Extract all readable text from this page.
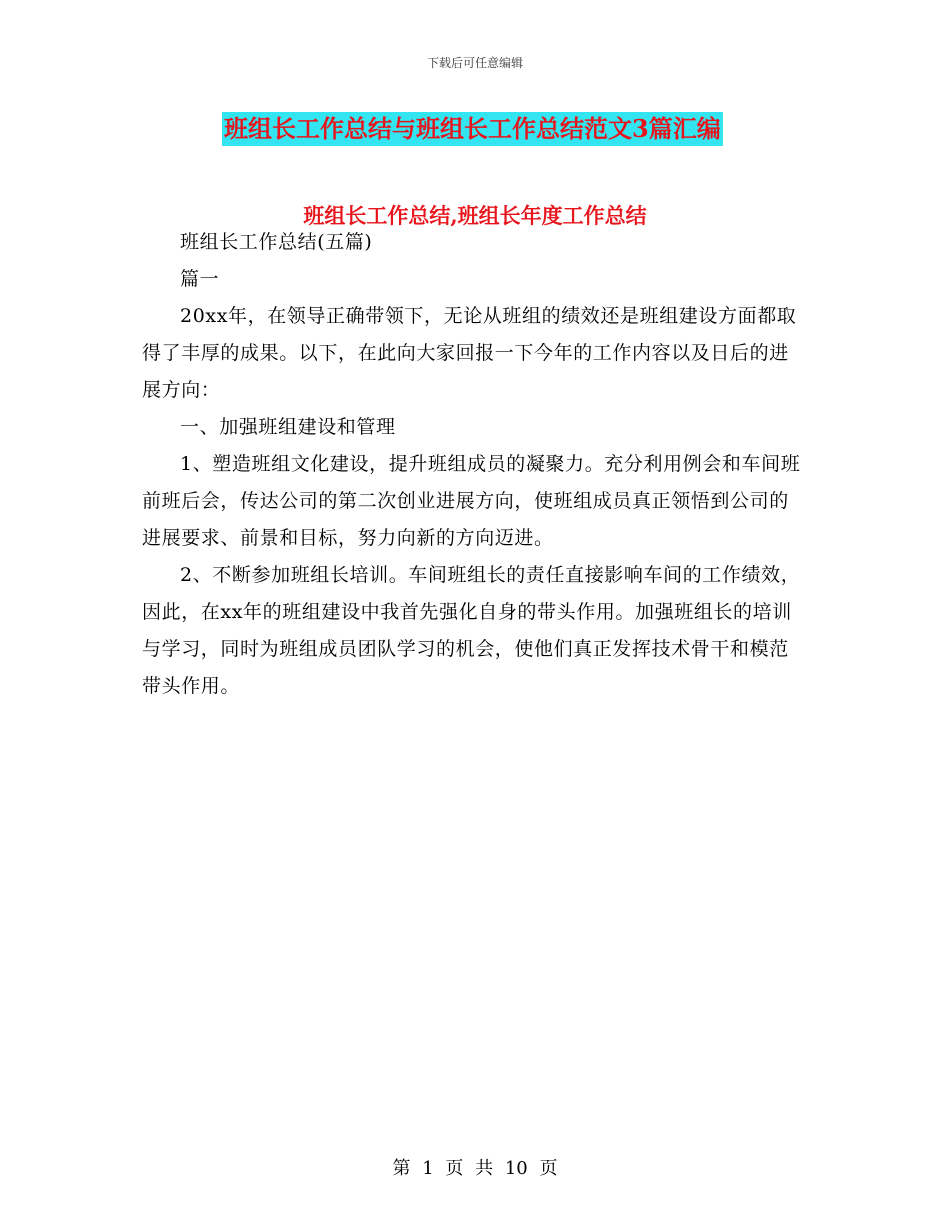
下载后可任意编辑
班组长工作总结与班组长工作总结范文3篇汇编
班组长工作总结,班组长年度工作总结

班组长工作总结(五篇)

篇一

20xx年，在领导正确带领下，无论从班组的绩效还是班组建设方面都取得了丰厚的成果。以下，在此向大家回报一下今年的工作内容以及日后的进展方向：

一、加强班组建设和管理

1、塑造班组文化建设，提升班组成员的凝聚力。充分利用例会和车间班前班后会，传达公司的第二次创业进展方向，使班组成员真正领悟到公司的进展要求、前景和目标，努力向新的方向迈进。

2、不断参加班组长培训。车间班组长的责任直接影响车间的工作绩效，因此，在xx年的班组建设中我首先强化自身的带头作用。加强班组长的培训与学习，同时为班组成员团队学习的机会，使他们真正发挥技术骨干和模范带头作用。

第 1 页 共 10 页
